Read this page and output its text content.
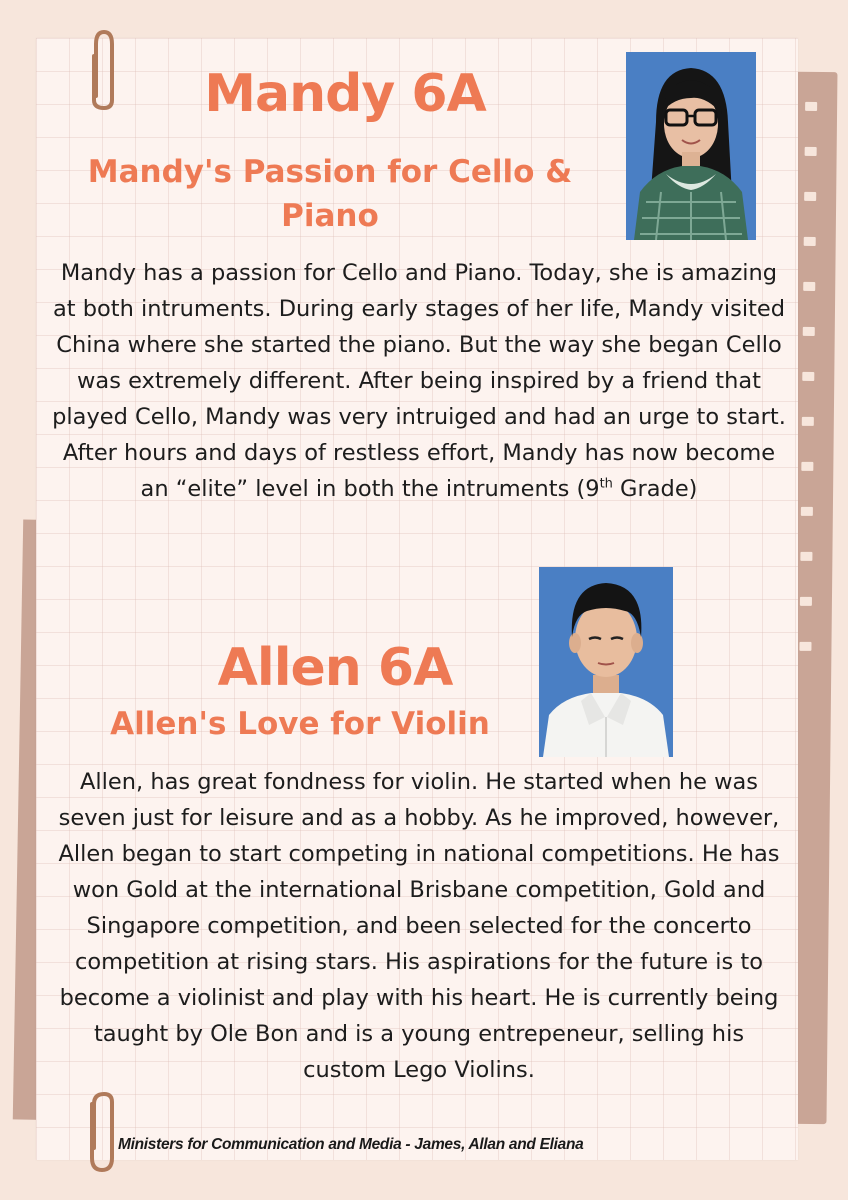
Mandy 6A
Mandy's Passion for Cello & Piano

Mandy has a passion for Cello and Piano. Today, she is amazing at both intruments. During early stages of her life, Mandy visited China where she started the piano. But the way she began Cello was extremely different. After being inspired by a friend that played Cello, Mandy was very intruiged and had an urge to start. After hours and days of restless effort, Mandy has now become an “elite” level in both the intruments (9th Grade)

Allen 6A
Allen's Love for Violin

Allen, has great fondness for violin. He started when he was seven just for leisure and as a hobby. As he improved, however, Allen began to start competing in national competitions. He has won Gold at the international Brisbane competition, Gold and Singapore competition, and been selected for the concerto competition at rising stars. His aspirations for the future is to become a violinist and play with his heart. He is currently being taught by Ole Bon and is a young entrepeneur, selling his custom Lego Violins.

Ministers for Communication and Media - James, Allan and Eliana
